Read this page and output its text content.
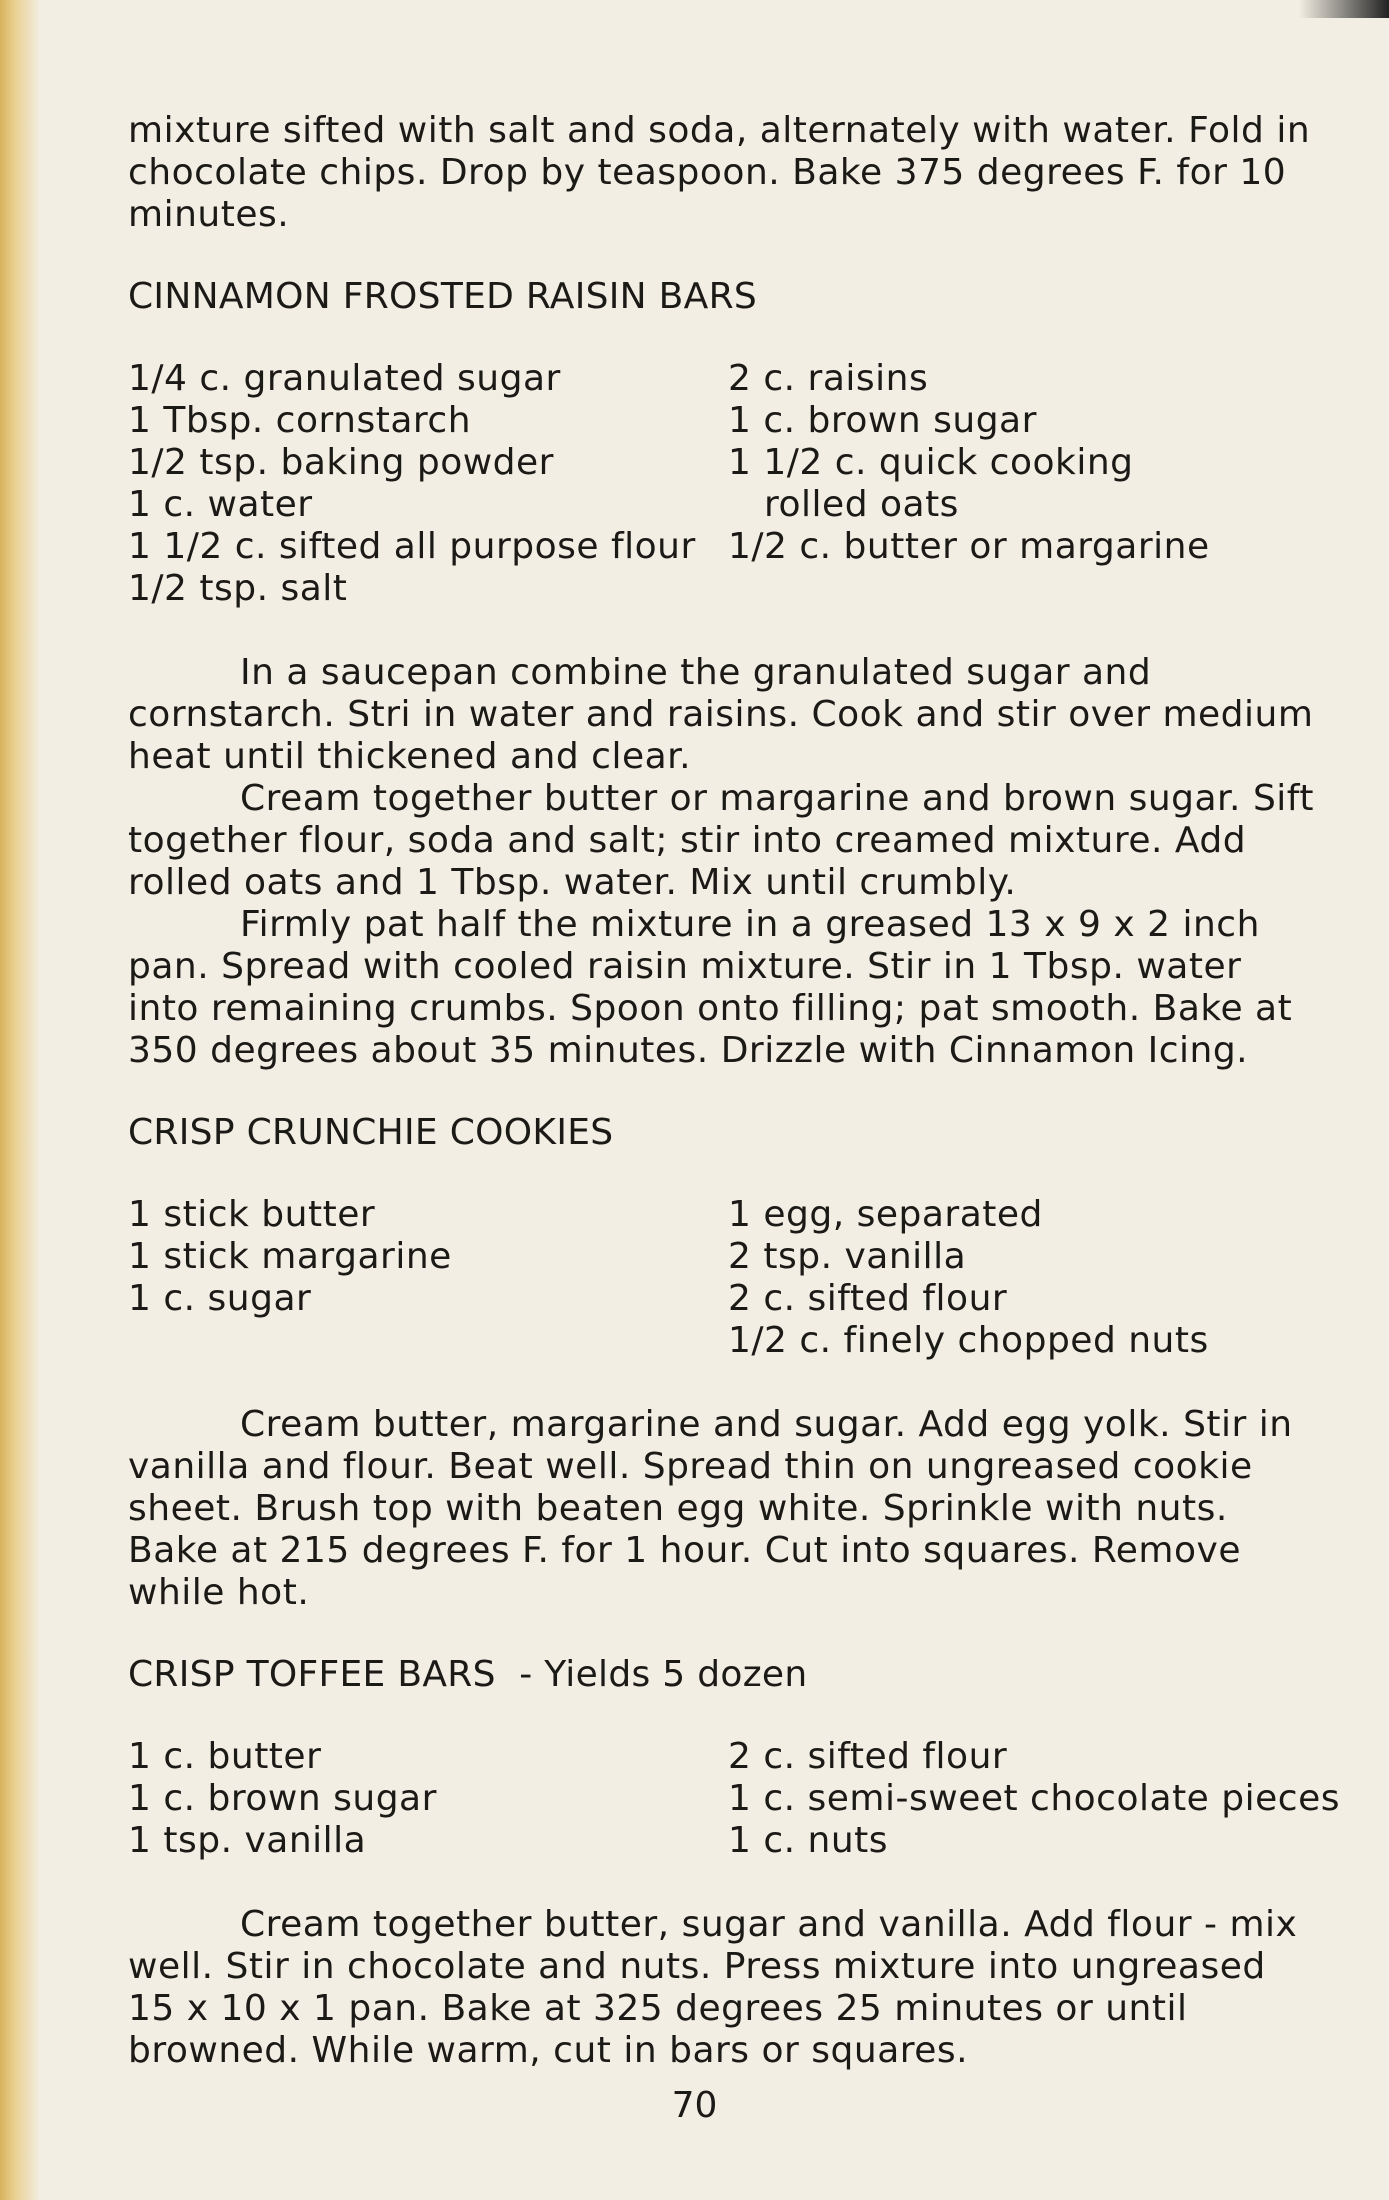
mixture sifted with salt and soda, alternately with water. Fold in chocolate chips. Drop by teaspoon. Bake 375 degrees F. for 10 minutes.

CINNAMON FROSTED RAISIN BARS

1/4 c. granulated sugar
1 Tbsp. cornstarch
1/2 tsp. baking powder
1 c. water
1 1/2 c. sifted all purpose flour
1/2 tsp. salt
2 c. raisins
1 c. brown sugar
1 1/2 c. quick cooking
rolled oats
1/2 c. butter or margarine

In a saucepan combine the granulated sugar and cornstarch. Stri in water and raisins. Cook and stir over medium heat until thickened and clear.

Cream together butter or margarine and brown sugar. Sift together flour, soda and salt; stir into creamed mixture. Add rolled oats and 1 Tbsp. water. Mix until crumbly.

Firmly pat half the mixture in a greased 13 x 9 x 2 inch pan. Spread with cooled raisin mixture. Stir in 1 Tbsp. water into remaining crumbs. Spoon onto filling; pat smooth. Bake at 350 degrees about 35 minutes. Drizzle with Cinnamon Icing.

CRISP CRUNCHIE COOKIES

1 stick butter
1 stick margarine
1 c. sugar
1 egg, separated
2 tsp. vanilla
2 c. sifted flour
1/2 c. finely chopped nuts

Cream butter, margarine and sugar. Add egg yolk. Stir in vanilla and flour. Beat well. Spread thin on ungreased cookie sheet. Brush top with beaten egg white. Sprinkle with nuts. Bake at 215 degrees F. for 1 hour. Cut into squares. Remove while hot.

CRISP TOFFEE BARS  - Yields 5 dozen

1 c. butter
1 c. brown sugar
1 tsp. vanilla
2 c. sifted flour
1 c. semi-sweet chocolate pieces
1 c. nuts

Cream together butter, sugar and vanilla. Add flour - mix well. Stir in chocolate and nuts. Press mixture into ungreased 15 x 10 x 1 pan. Bake at 325 degrees 25 minutes or until browned. While warm, cut in bars or squares.

70
